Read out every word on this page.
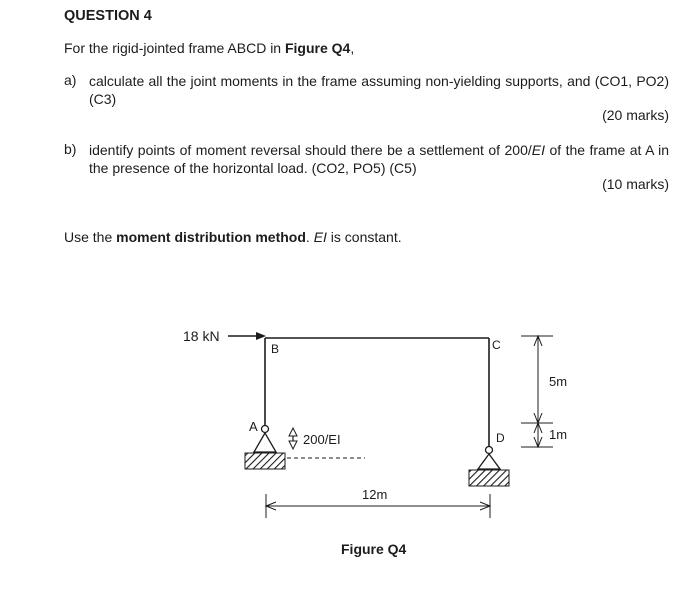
QUESTION 4
For the rigid-jointed frame ABCD in Figure Q4,
a) calculate all the joint moments in the frame assuming non-yielding supports, and (CO1, PO2) (C3)
(20 marks)
b) identify points of moment reversal should there be a settlement of 200/EI of the frame at A in the presence of the horizontal load. (CO2, PO5) (C5)
(10 marks)
Use the moment distribution method. EI is constant.
18 kN
B	C
A
D
200/EI
12m
5m
1m
Figure Q4
